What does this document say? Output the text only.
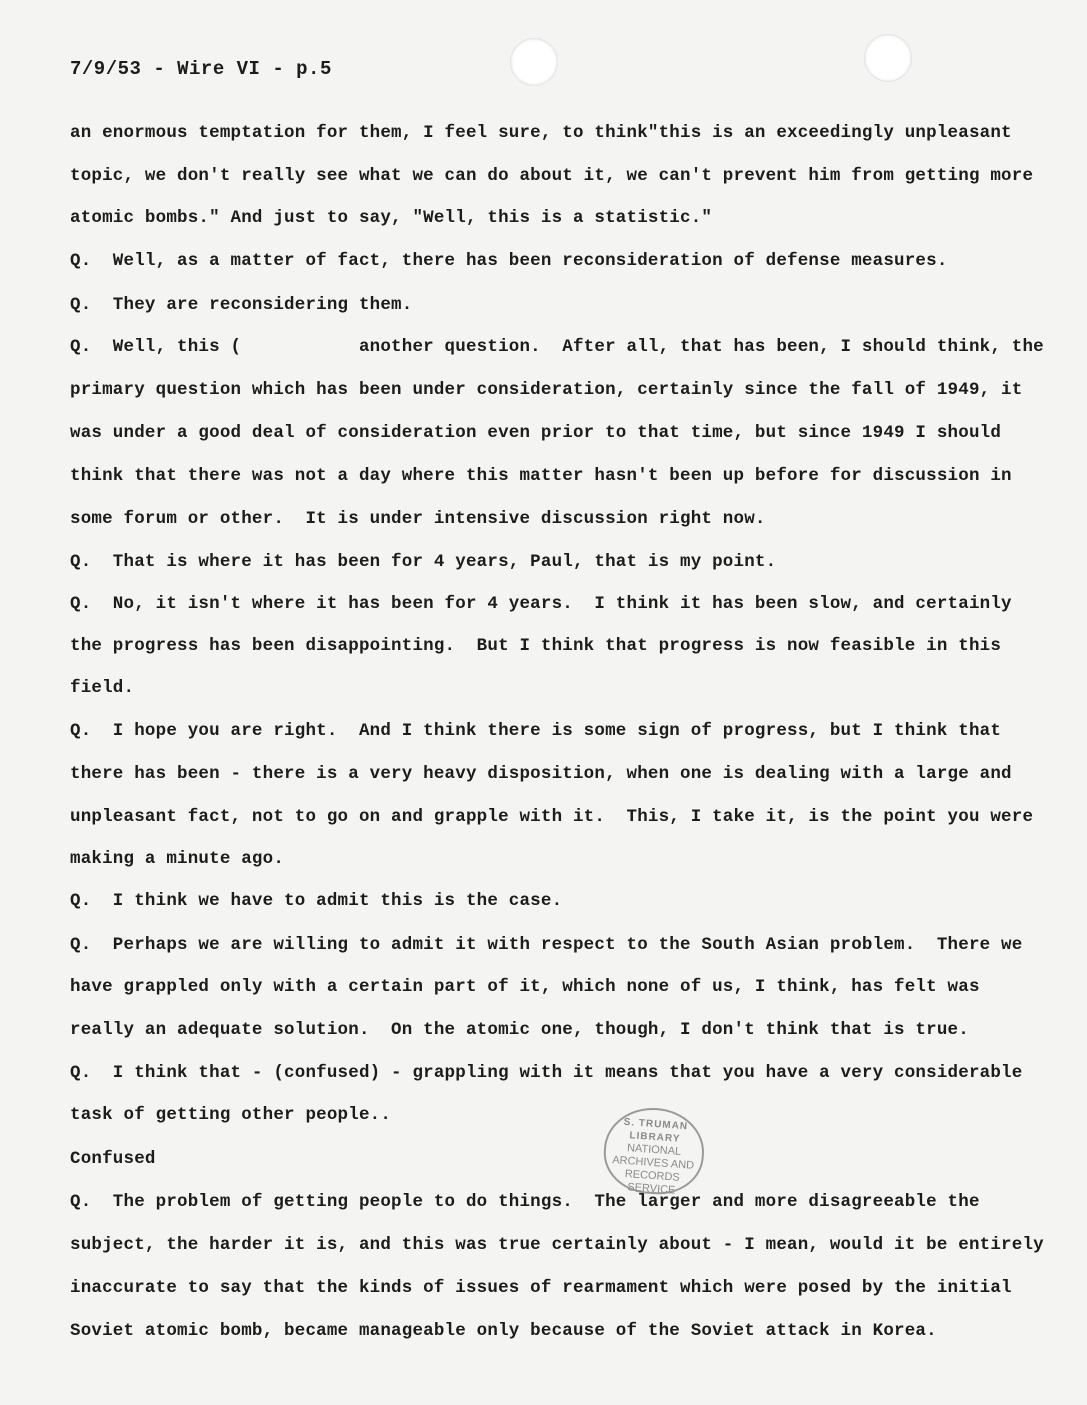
7/9/53 - Wire VI - p.5
an enormous temptation for them, I feel sure, to think"this is an exceedingly unpleasant
topic, we don't really see what we can do about it, we can't prevent him from getting more
atomic bombs." And just to say, "Well, this is a statistic."
Q.  Well, as a matter of fact, there has been reconsideration of defense measures.
Q.  They are reconsidering them.
Q.  Well, this (           another question.  After all, that has been, I should think, the
primary question which has been under consideration, certainly since the fall of 1949, it
was under a good deal of consideration even prior to that time, but since 1949 I should
think that there was not a day where this matter hasn't been up before for discussion in
some forum or other.  It is under intensive discussion right now.
Q.  That is where it has been for 4 years, Paul, that is my point.
Q.  No, it isn't where it has been for 4 years.  I think it has been slow, and certainly
the progress has been disappointing.  But I think that progress is now feasible in this
field.
Q.  I hope you are right.  And I think there is some sign of progress, but I think that
there has been - there is a very heavy disposition, when one is dealing with a large and
unpleasant fact, not to go on and grapple with it.  This, I take it, is the point you were
making a minute ago.
Q.  I think we have to admit this is the case.
Q.  Perhaps we are willing to admit it with respect to the South Asian problem.  There we
have grappled only with a certain part of it, which none of us, I think, has felt was
really an adequate solution.  On the atomic one, though, I don't think that is true.
Q.  I think that - (confused) - grappling with it means that you have a very considerable
task of getting other people..
Confused
Q.  The problem of getting people to do things.  The larger and more disagreeable the
subject, the harder it is, and this was true certainly about - I mean, would it be entirely
inaccurate to say that the kinds of issues of rearmament which were posed by the initial
Soviet atomic bomb, became manageable only because of the Soviet attack in Korea.
S. TRUMAN LIBRARY
NATIONAL
ARCHIVES AND
RECORDS
SERVICE
